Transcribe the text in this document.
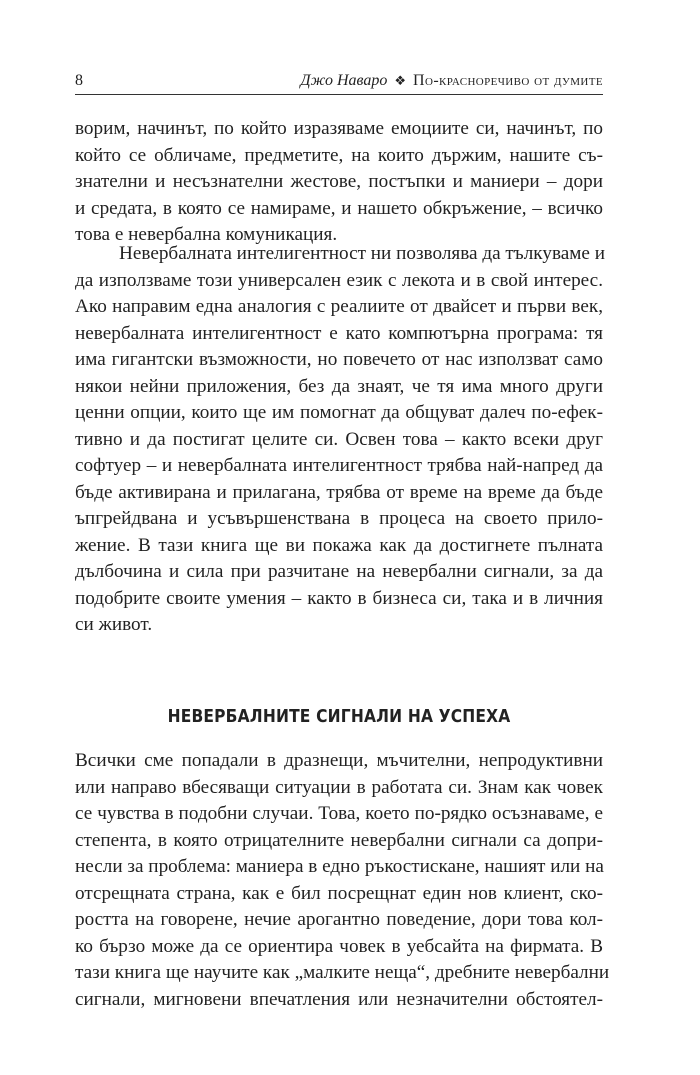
8	Джо Наваро ❖ По-красноречиво от думите
ворим, начинът, по който изразяваме емоциите си, начинът, по
който се обличаме, предметите, на които държим, нашите съ-
знателни и несъзнателни жестове, постъпки и маниери – дори
и средата, в която се намираме, и нашето обкръжение, – всичко
това е невербална комуникация.
Невербалната интелигентност ни позволява да тълкуваме и
да използваме този универсален език с лекота и в свой интерес.
Ако направим една аналогия с реалиите от двайсет и първи век,
невербалната интелигентност е като компютърна програма: тя
има гигантски възможности, но повечето от нас използват само
някои нейни приложения, без да знаят, че тя има много други
ценни опции, които ще им помогнат да общуват далеч по-ефек-
тивно и да постигат целите си. Освен това – както всеки друг
софтуер – и невербалната интелигентност трябва най-напред да
бъде активирана и прилагана, трябва от време на време да бъде
ъпгрейдвана и усъвършенствана в процеса на своето прило-
жение. В тази книга ще ви покажа как да достигнете пълната
дълбочина и сила при разчитане на невербални сигнали, за да
подобрите своите умения – както в бизнеса си, така и в личния
си живот.
НЕВЕРБАЛНИТЕ СИГНАЛИ НА УСПЕХА
Всички сме попадали в дразнещи, мъчителни, непродуктивни
или направо вбесяващи ситуации в работата си. Знам как човек
се чувства в подобни случаи. Това, което по-рядко осъзнаваме, е
степента, в която отрицателните невербални сигнали са допри-
несли за проблема: маниера в едно ръкостискане, нашият или на
отсрещната страна, как е бил посрещнат един нов клиент, ско-
ростта на говорене, нечие арогантно поведение, дори това кол-
ко бързо може да се ориентира човек в уебсайта на фирмата. В
тази книга ще научите как „малките неща“, дребните невербални
сигнали, мигновени впечатления или незначителни обстоятел-
